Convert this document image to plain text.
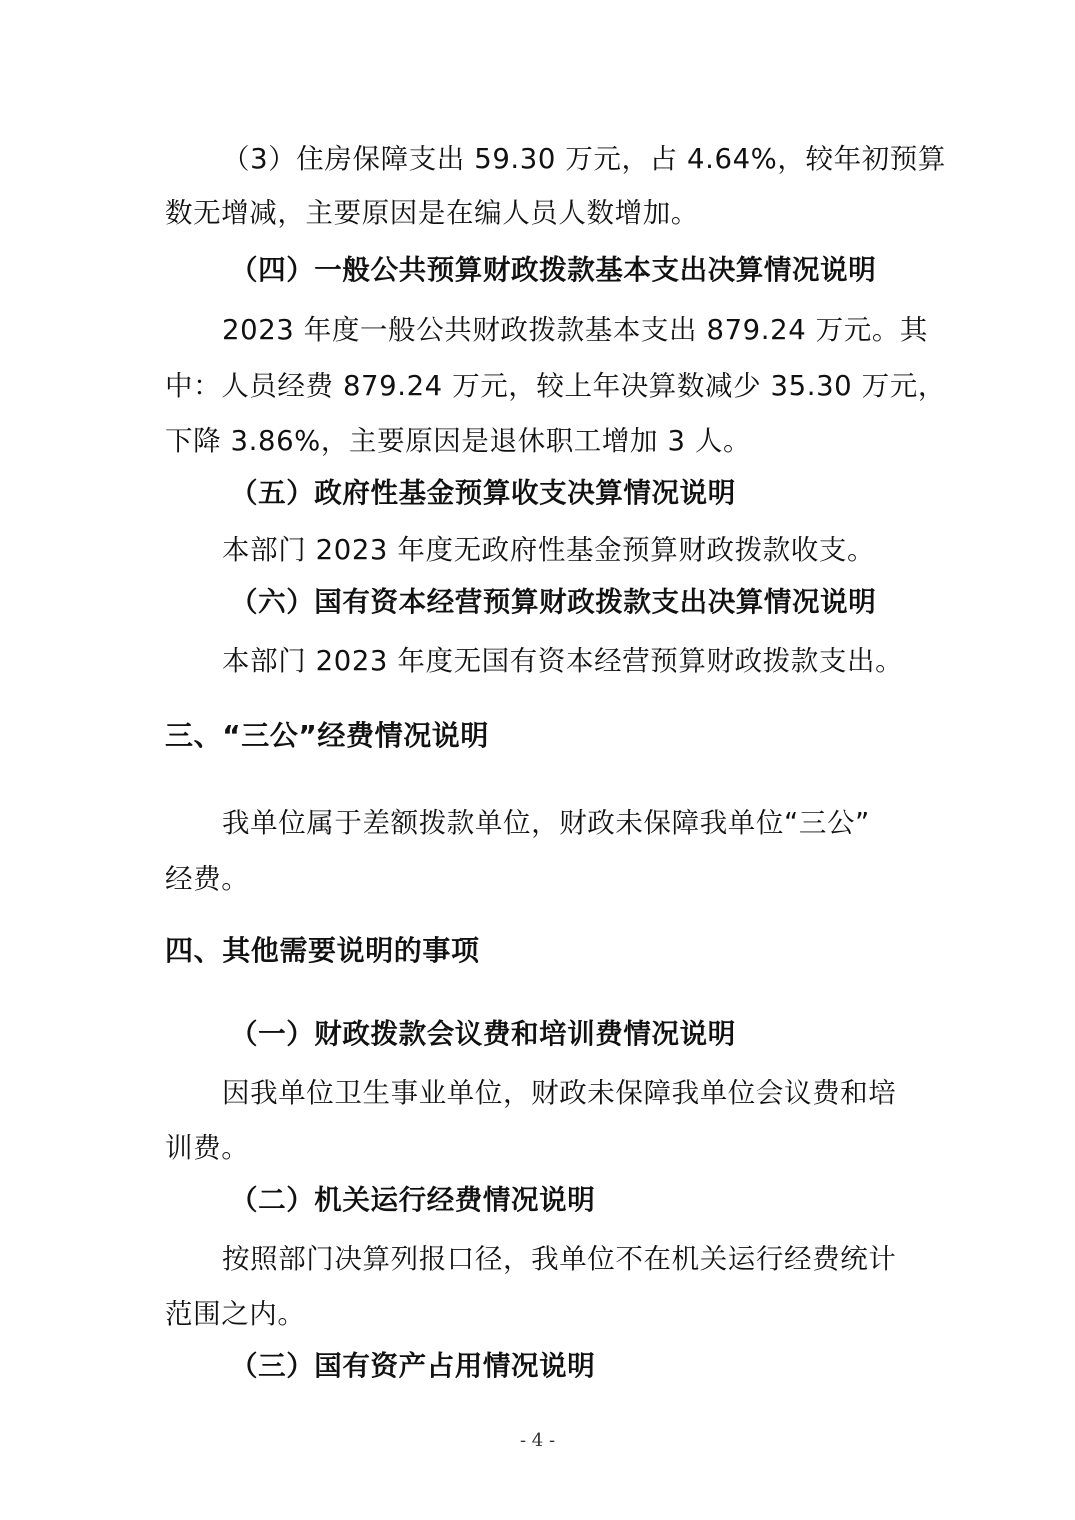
（3）住房保障支出 59.30 万元，占 4.64%，较年初预算
数无增减，主要原因是在编人员人数增加。
（四）一般公共预算财政拨款基本支出决算情况说明
2023 年度一般公共财政拨款基本支出 879.24 万元。其
中：人员经费 879.24 万元，较上年决算数减少 35.30 万元，
下降 3.86%，主要原因是退休职工增加 3 人。
（五）政府性基金预算收支决算情况说明
本部门 2023 年度无政府性基金预算财政拨款收支。
（六）国有资本经营预算财政拨款支出决算情况说明
本部门 2023 年度无国有资本经营预算财政拨款支出。
三、“三公”经费情况说明
我单位属于差额拨款单位，财政未保障我单位“三公”
经费。
四、其他需要说明的事项
（一）财政拨款会议费和培训费情况说明
因我单位卫生事业单位，财政未保障我单位会议费和培
训费。
（二）机关运行经费情况说明
按照部门决算列报口径，我单位不在机关运行经费统计
范围之内。
（三）国有资产占用情况说明
- 4 -
